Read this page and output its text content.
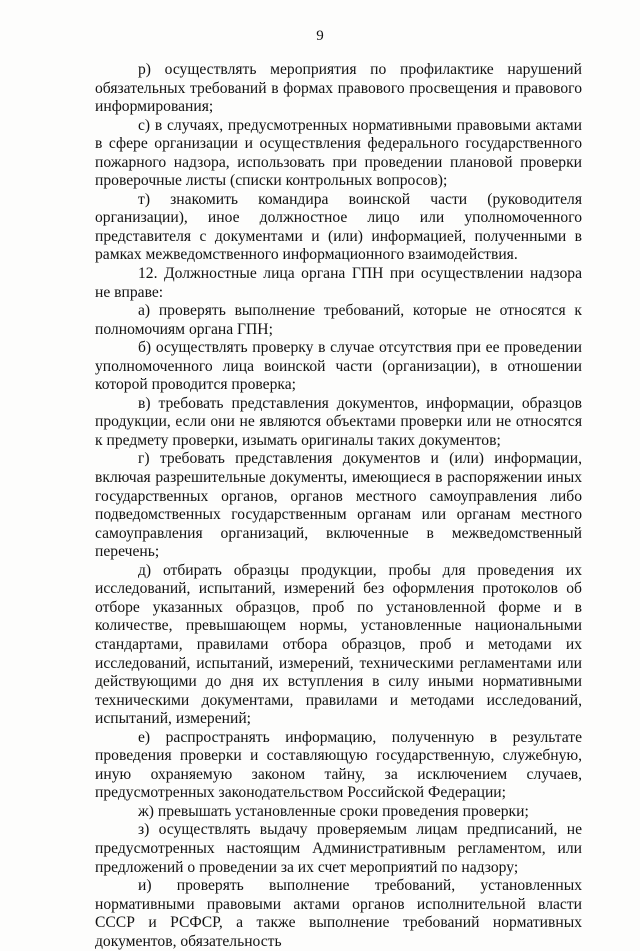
9

р) осуществлять мероприятия по профилактике нарушений обязательных требований в формах правового просвещения и правового информирования;

с) в случаях, предусмотренных нормативными правовыми актами в сфере организации и осуществления федерального государственного пожарного надзора, использовать при проведении плановой проверки проверочные листы (списки контрольных вопросов);

т) знакомить командира воинской части (руководителя организации), иное должностное лицо или уполномоченного представителя с документами и (или) информацией, полученными в рамках межведомственного информационного взаимодействия.

12. Должностные лица органа ГПН при осуществлении надзора не вправе:

а) проверять выполнение требований, которые не относятся к полномочиям органа ГПН;

б) осуществлять проверку в случае отсутствия при ее проведении уполномоченного лица воинской части (организации), в отношении которой проводится проверка;

в) требовать представления документов, информации, образцов продукции, если они не являются объектами проверки или не относятся к предмету проверки, изымать оригиналы таких документов;

г) требовать представления документов и (или) информации, включая разрешительные документы, имеющиеся в распоряжении иных государственных органов, органов местного самоуправления либо подведомственных государственным органам или органам местного самоуправления организаций, включенные в межведомственный перечень;

д) отбирать образцы продукции, пробы для проведения их исследований, испытаний, измерений без оформления протоколов об отборе указанных образцов, проб по установленной форме и в количестве, превышающем нормы, установленные национальными стандартами, правилами отбора образцов, проб и методами их исследований, испытаний, измерений, техническими регламентами или действующими до дня их вступления в силу иными нормативными техническими документами, правилами и методами исследований, испытаний, измерений;

е) распространять информацию, полученную в результате проведения проверки и составляющую государственную, служебную, иную охраняемую законом тайну, за исключением случаев, предусмотренных законодательством Российской Федерации;

ж) превышать установленные сроки проведения проверки;

з) осуществлять выдачу проверяемым лицам предписаний, не предусмотренных настоящим Административным регламентом, или предложений о проведении за их счет мероприятий по надзору;

и) проверять выполнение требований, установленных нормативными правовыми актами органов исполнительной власти СССР и РСФСР, а также выполнение требований нормативных документов, обязательность
